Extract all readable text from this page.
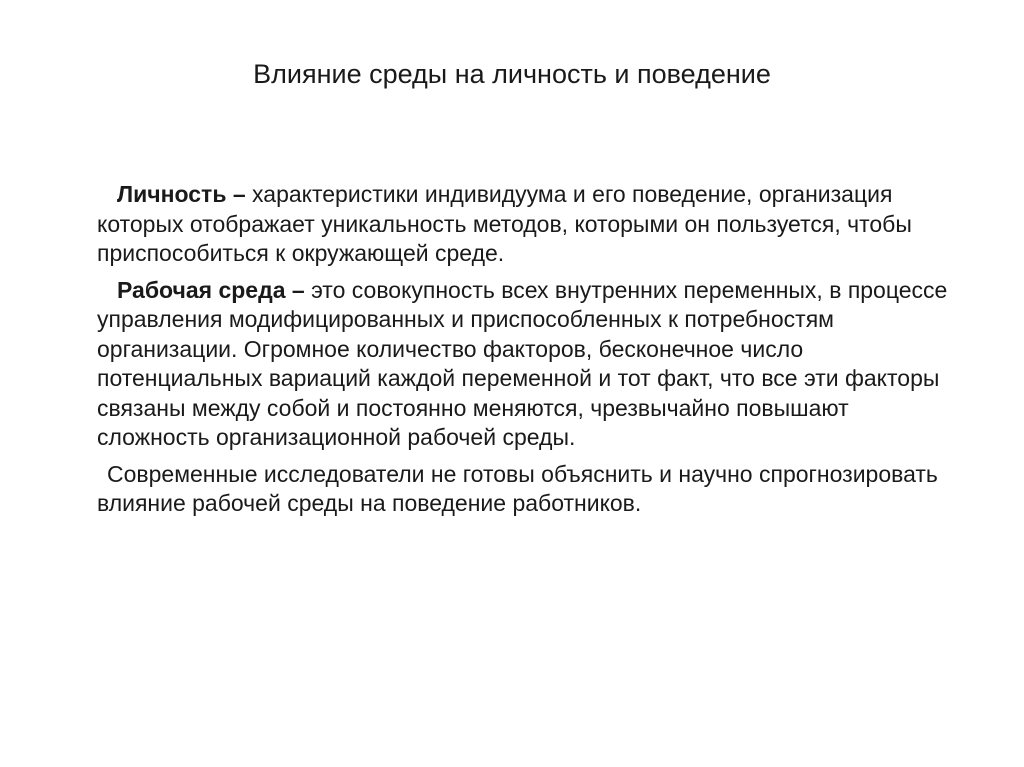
Влияние среды на личность и поведение

Личность – характеристики индивидуума и его поведение, организация которых отображает уникальность методов, которыми он пользуется, чтобы приспособиться к окружающей среде.

Рабочая среда – это совокупность всех внутренних переменных, в процессе управления модифицированных и приспособленных к потребностям организации. Огромное количество факторов, бесконечное число потенциальных вариаций каждой переменной и тот факт, что все эти факторы связаны между собой и постоянно меняются, чрезвычайно повышают сложность организационной рабочей среды.

Современные исследователи не готовы объяснить и научно спрогнозировать влияние рабочей среды на поведение работников.
